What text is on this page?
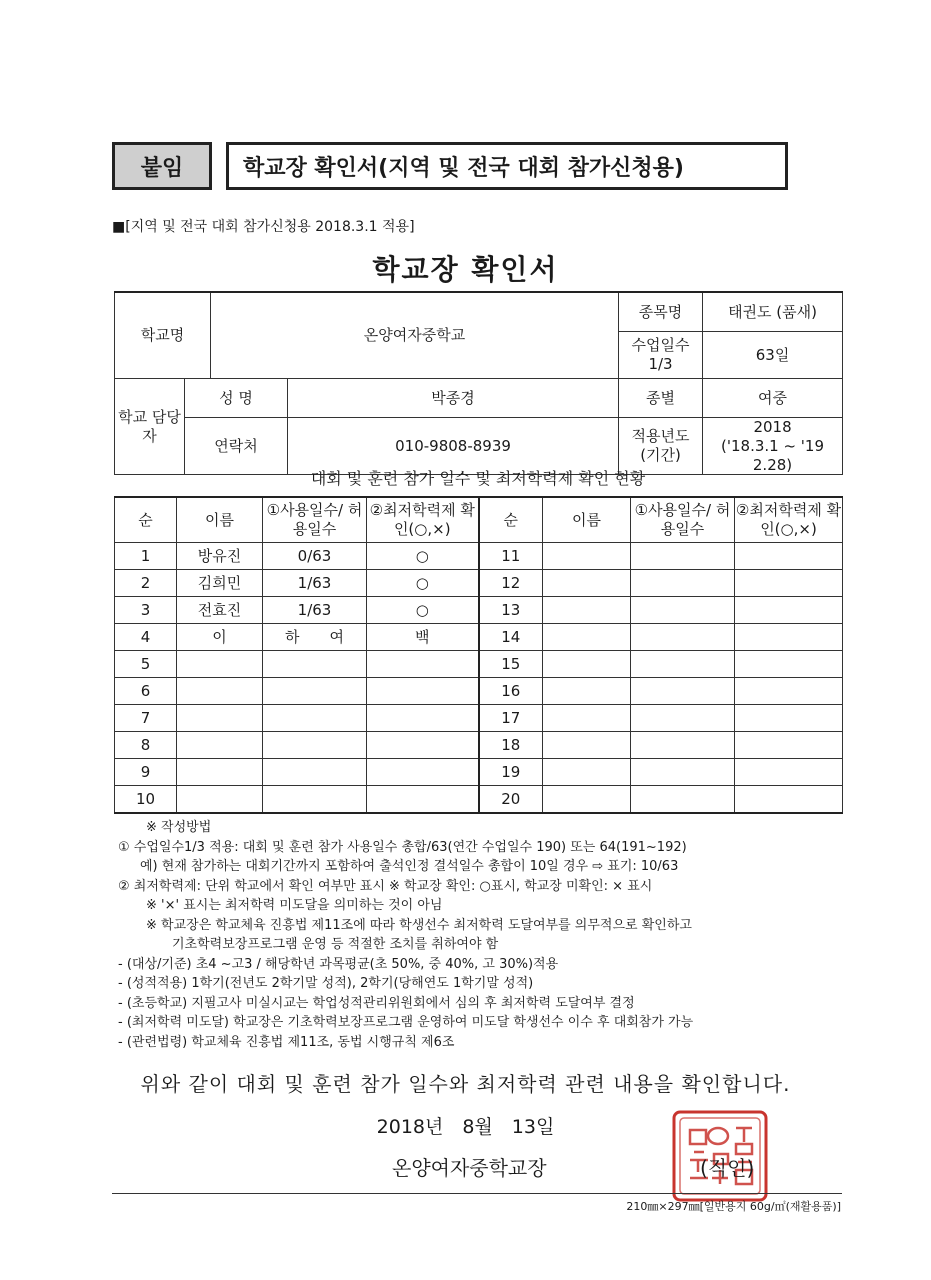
붙임	학교장 확인서(지역 및 전국 대회 참가신청용)
■[지역 및 전국 대회 참가신청용 2018.3.1 적용]
학교장 확인서
학교명		온양여자중학교		종목명	태권도 (품새)
				수업일수 1/3	63일
학교 담당자	성 명		박종경	종별	여중
	연락처		010-9808-8939	적용년도 (기간)	2018
('18.3.1 ~ '19 2.28)
대회 및 훈련 참가 일수 및 최저학력제 확인 현황
순	이름	①사용일수/ 허용일수	②최저학력제 확인(○,×)	순	이름	①사용일수/ 허용일수	②최저학력제 확인(○,×)
1	방유진	0/63	○	11			
2	김희민	1/63	○	12			
3	전효진	1/63	○	13			
4	이	하　　여	백	14			
5				15			
6				16			
7				17			
8				18			
9				19			
10				20			
※ 작성방법
① 수업일수1/3 적용: 대회 및 훈련 참가 사용일수 총합/63(연간 수업일수 190) 또는 64(191~192)
예) 현재 참가하는 대회기간까지 포함하여 출석인정 결석일수 총합이 10일 경우 ⇨ 표기: 10/63
② 최저학력제: 단위 학교에서 확인 여부만 표시 ※ 학교장 확인: ○표시, 학교장 미확인: × 표시
※ '×' 표시는 최저학력 미도달을 의미하는 것이 아님
※ 학교장은 학교체육 진흥법 제11조에 따라 학생선수 최저학력 도달여부를 의무적으로 확인하고
기초학력보장프로그램 운영 등 적절한 조치를 취하여야 함
- (대상/기준) 초4 ~고3 / 해당학년 과목평균(초 50%, 중 40%, 고 30%)적용
- (성적적용) 1학기(전년도 2학기말 성적), 2학기(당해연도 1학기말 성적)
- (초등학교) 지필고사 미실시교는 학업성적관리위원회에서 심의 후 최저학력 도달여부 결정
- (최저학력 미도달) 학교장은 기초학력보장프로그램 운영하여 미도달 학생선수 이수 후 대회참가 가능
- (관련법령) 학교체육 진흥법 제11조, 동법 시행규칙 제6조
위와 같이 대회 및 훈련 참가 일수와 최저학력 관련 내용을 확인합니다.
2018년　8월　13일
온양여자중학교장	(직인)
210㎜×297㎜[일반용지 60g/㎡(재활용품)]
